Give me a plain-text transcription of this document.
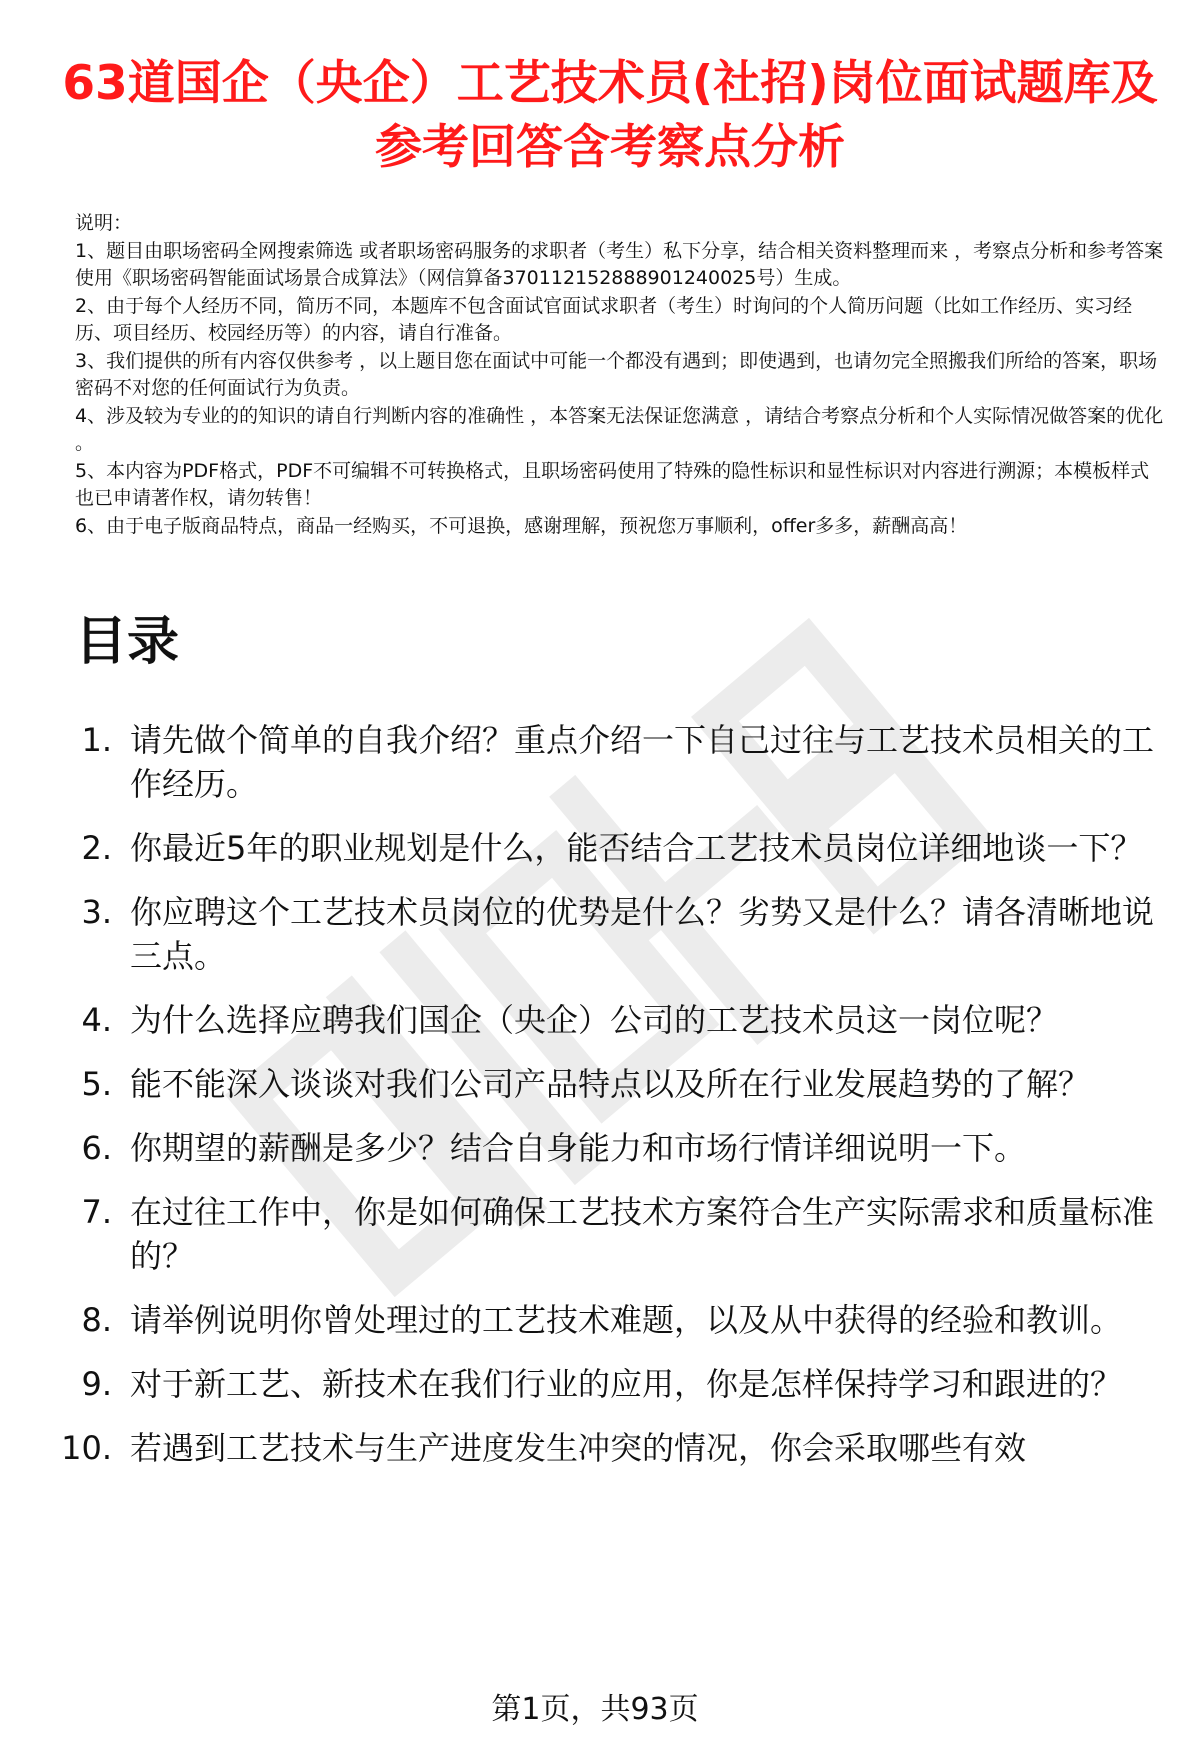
63道国企（央企）工艺技术员(社招)岗位面试题库及参考回答含考察点分析
说明：

1、题目由职场密码全网搜索筛选 或者职场密码服务的求职者（考生）私下分享，结合相关资料整理而来 ，考察点分析和参考答案使用《职场密码智能面试场景合成算法》（网信算备370112152888901240025号）生成。

2、由于每个人经历不同，简历不同，本题库不包含面试官面试求职者（考生）时询问的个人简历问题（比如工作经历、实习经历、项目经历、校园经历等）的内容，请自行准备。

3、我们提供的所有内容仅供参考 ，以上题目您在面试中可能一个都没有遇到；即使遇到，也请勿完全照搬我们所给的答案，职场密码不对您的任何面试行为负责。

4、涉及较为专业的的知识的请自行判断内容的准确性 ，本答案无法保证您满意 ，请结合考察点分析和个人实际情况做答案的优化 。

5、本内容为PDF格式，PDF不可编辑不可转换格式，且职场密码使用了特殊的隐性标识和显性标识对内容进行溯源；本模板样式也已申请著作权，请勿转售！

6、由于电子版商品特点，商品一经购买，不可退换，感谢理解，预祝您万事顺利，offer多多，薪酬高高！

目录
1. 请先做个简单的自我介绍？重点介绍一下自己过往与工艺技术员相关的工作经历。
2. 你最近5年的职业规划是什么，能否结合工艺技术员岗位详细地谈一下？
3. 你应聘这个工艺技术员岗位的优势是什么？劣势又是什么？请各清晰地说三点。
4. 为什么选择应聘我们国企（央企）公司的工艺技术员这一岗位呢？
5. 能不能深入谈谈对我们公司产品特点以及所在行业发展趋势的了解？
6. 你期望的薪酬是多少？结合自身能力和市场行情详细说明一下。
7. 在过往工作中，你是如何确保工艺技术方案符合生产实际需求和质量标准的？
8. 请举例说明你曾处理过的工艺技术难题，以及从中获得的经验和教训。
9. 对于新工艺、新技术在我们行业的应用，你是怎样保持学习和跟进的？
10. 若遇到工艺技术与生产进度发生冲突的情况，你会采取哪些有效
第1页，共93页
